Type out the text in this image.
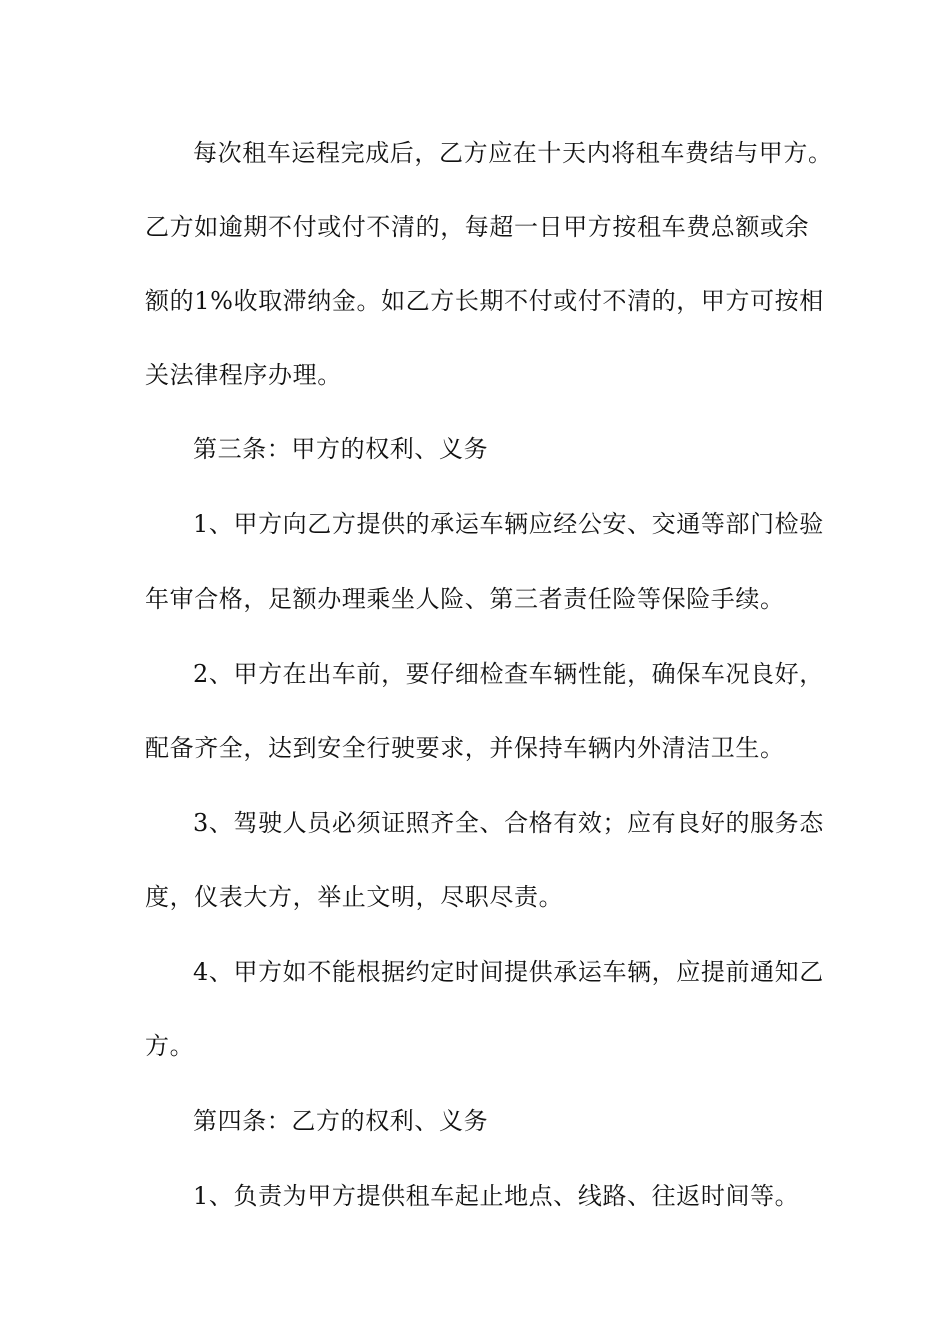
每次租车运程完成后，乙方应在十天内将租车费结与甲方。
乙方如逾期不付或付不清的，每超一日甲方按租车费总额或余
额的1%收取滞纳金。如乙方长期不付或付不清的，甲方可按相
关法律程序办理。
第三条：甲方的权利、义务
1、甲方向乙方提供的承运车辆应经公安、交通等部门检验
年审合格，足额办理乘坐人险、第三者责任险等保险手续。
2、甲方在出车前，要仔细检查车辆性能，确保车况良好，
配备齐全，达到安全行驶要求，并保持车辆内外清洁卫生。
3、驾驶人员必须证照齐全、合格有效；应有良好的服务态
度，仪表大方，举止文明，尽职尽责。
4、甲方如不能根据约定时间提供承运车辆，应提前通知乙
方。
第四条：乙方的权利、义务
1、负责为甲方提供租车起止地点、线路、往返时间等。
